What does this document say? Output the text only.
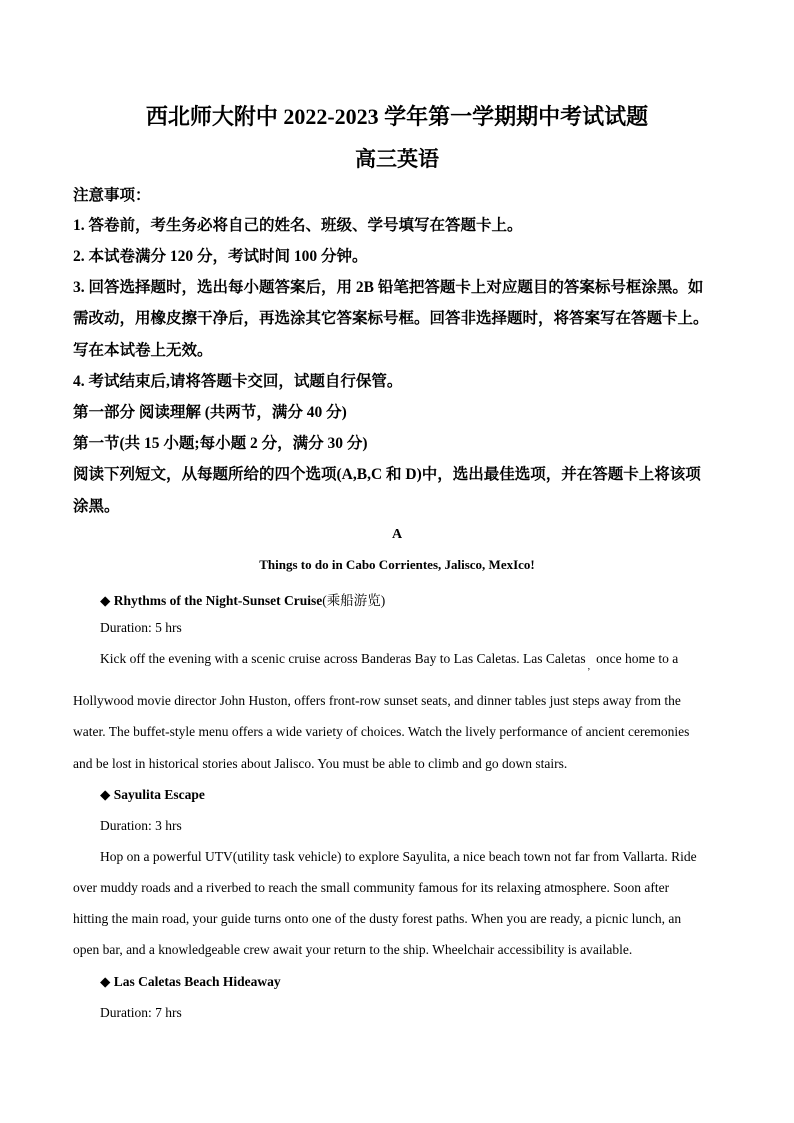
西北师大附中 2022-2023 学年第一学期期中考试试题
高三英语
注意事项：
1. 答卷前，考生务必将自己的姓名、班级、学号填写在答题卡上。
2. 本试卷满分 120 分，考试时间 100 分钟。
3. 回答选择题时，选出每小题答案后，用 2B 铅笔把答题卡上对应题目的答案标号框涂黑。如
需改动，用橡皮擦干净后，再选涂其它答案标号框。回答非选择题时，将答案写在答题卡上。
写在本试卷上无效。
4. 考试结束后,请将答题卡交回，试题自行保管。
第一部分 阅读理解 (共两节，满分 40 分)
第一节(共 15 小题;每小题 2 分，满分 30 分)
阅读下列短文，从每题所给的四个选项(A,B,C 和 D)中，选出最佳选项，并在答题卡上将该项
涂黑。
A
Things to do in Cabo Corrientes, Jalisco, MexIco!
◆ Rhythms of the Night-Sunset Cruise(乘船游览)
Duration: 5 hrs
Kick off the evening with a scenic cruise across Banderas Bay to Las Caletas. Las Caletas$_,$once home to a
Hollywood movie director John Huston, offers front-row sunset seats, and dinner tables just steps away from the
water. The buffet-style menu offers a wide variety of choices. Watch the lively performance of ancient ceremonies
and be lost in historical stories about Jalisco. You must be able to climb and go down stairs.
◆ Sayulita Escape
Duration: 3 hrs
Hop on a powerful UTV(utility task vehicle) to explore Sayulita, a nice beach town not far from Vallarta. Ride
over muddy roads and a riverbed to reach the small community famous for its relaxing atmosphere. Soon after
hitting the main road, your guide turns onto one of the dusty forest paths. When you are ready, a picnic lunch, an
open bar, and a knowledgeable crew await your return to the ship. Wheelchair accessibility is available.
◆ Las Caletas Beach Hideaway
Duration: 7 hrs
